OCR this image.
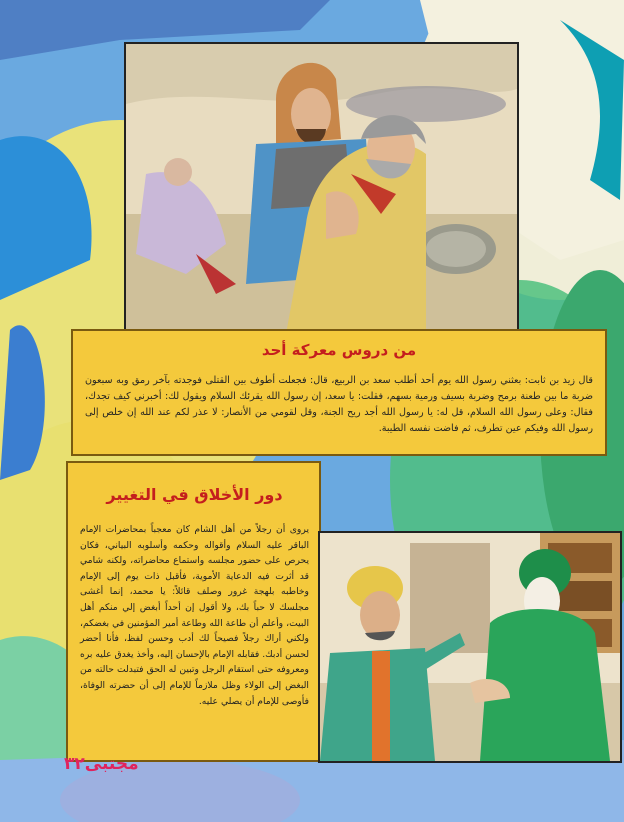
من دروس معركة أحد
قال زيد بن ثابت: بعثني رسول الله يوم أحد أطلب سعد بن الربيع، قال: فجعلت أطوف بين القتلى فوجدته بآخر رمق وبه سبعون ضربة ما بين طعنة برمح وضربة بسيف ورمية بسهم، فقلت: يا سعد، إن رسول الله يقرئك السلام ويقول لك: أخبرني كيف تجدك، فقال: وعلى رسول الله السلام، قل له: يا رسول الله أجد ريح الجنة، وقل لقومي من الأنصار: لا عذر لكم عند الله إن خلص إلى رسول الله وفيكم عين تطرف، ثم فاضت نفسه الطيبة.
دور الأخلاق في التغيير
يروى أن رجلاً من أهل الشام كان معجباً بمحاضرات الإمام الباقر عليه السلام وأقواله وحكمه وأسلوبه البياني، فكان يحرص على حضور مجلسه واستماع محاضراته، ولكنه شامي قد أثرت فيه الدعاية الأموية، فأقبل ذات يوم إلى الإمام وخاطبه بلهجة غرور وصلف قائلاً: يا محمد، إنما أغشى مجلسك لا حباً بك، ولا أقول إن أحداً أبغض إلي منكم أهل البيت، وأعلم أن طاعة الله وطاعة أمير المؤمنين في بغضكم، ولكني أراك رجلاً فصيحاً لك أدب وحسن لفظ، فأنا أحضر لحسن أدبك. فقابله الإمام بالإحسان إليه، وأخذ يغدق عليه بره ومعروفه حتى استقام الرجل وتبين له الحق فتبدلت حالته من البغض إلى الولاء وظل ملازماً للإمام إلى أن حضرته الوفاة، فأوصى للإمام أن يصلي عليه.
مجتبى٣٢
